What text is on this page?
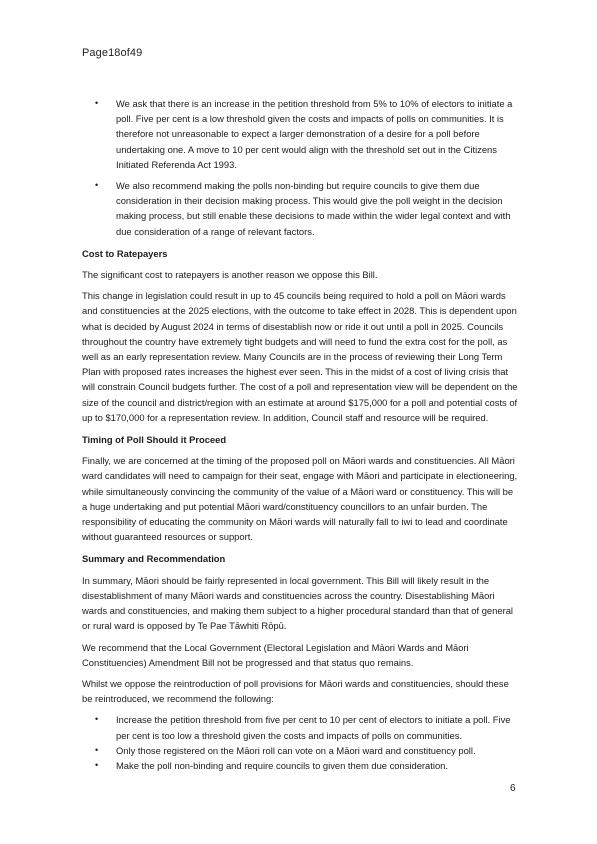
Page18of49
• We ask that there is an increase in the petition threshold from 5% to 10% of electors to initiate a poll. Five per cent is a low threshold given the costs and impacts of polls on communities. It is therefore not unreasonable to expect a larger demonstration of a desire for a poll before undertaking one. A move to 10 per cent would align with the threshold set out in the Citizens Initiated Referenda Act 1993.
• We also recommend making the polls non-binding but require councils to give them due consideration in their decision making process. This would give the poll weight in the decision making process, but still enable these decisions to made within the wider legal context and with due consideration of a range of relevant factors.
Cost to Ratepayers

The significant cost to ratepayers is another reason we oppose this Bill.

This change in legislation could result in up to 45 councils being required to hold a poll on Māori wards and constituencies at the 2025 elections, with the outcome to take effect in 2028. This is dependent upon what is decided by August 2024 in terms of disestablish now or ride it out until a poll in 2025. Councils throughout the country have extremely tight budgets and will need to fund the extra cost for the poll, as well as an early representation review. Many Councils are in the process of reviewing their Long Term Plan with proposed rates increases the highest ever seen. This in the midst of a cost of living crisis that will constrain Council budgets further. The cost of a poll and representation view will be dependent on the size of the council and district/region with an estimate at around $175,000 for a poll and potential costs of up to $170,000 for a representation review. In addition, Council staff and resource will be required.

Timing of Poll Should it Proceed

Finally, we are concerned at the timing of the proposed poll on Māori wards and constituencies. All Māori ward candidates will need to campaign for their seat, engage with Māori and participate in electioneering, while simultaneously convincing the community of the value of a Māori ward or constituency. This will be a huge undertaking and put potential Māori ward/constituency councillors to an unfair burden. The responsibility of educating the community on Māori wards will naturally fall to iwi to lead and coordinate without guaranteed resources or support.

Summary and Recommendation

In summary, Māori should be fairly represented in local government. This Bill will likely result in the disestablishment of many Māori wards and constituencies across the country. Disestablishing Māori wards and constituencies, and making them subject to a higher procedural standard than that of general or rural ward is opposed by Te Pae Tāwhiti Rōpū.

We recommend that the Local Government (Electoral Legislation and Māori Wards and Māori Constituencies) Amendment Bill not be progressed and that status quo remains.

Whilst we oppose the reintroduction of poll provisions for Māori wards and constituencies, should these be reintroduced, we recommend the following:

• Increase the petition threshold from five per cent to 10 per cent of electors to initiate a poll. Five per cent is too low a threshold given the costs and impacts of polls on communities.
• Only those registered on the Māori roll can vote on a Māori ward and constituency poll.
• Make the poll non-binding and require councils to given them due consideration.
6
